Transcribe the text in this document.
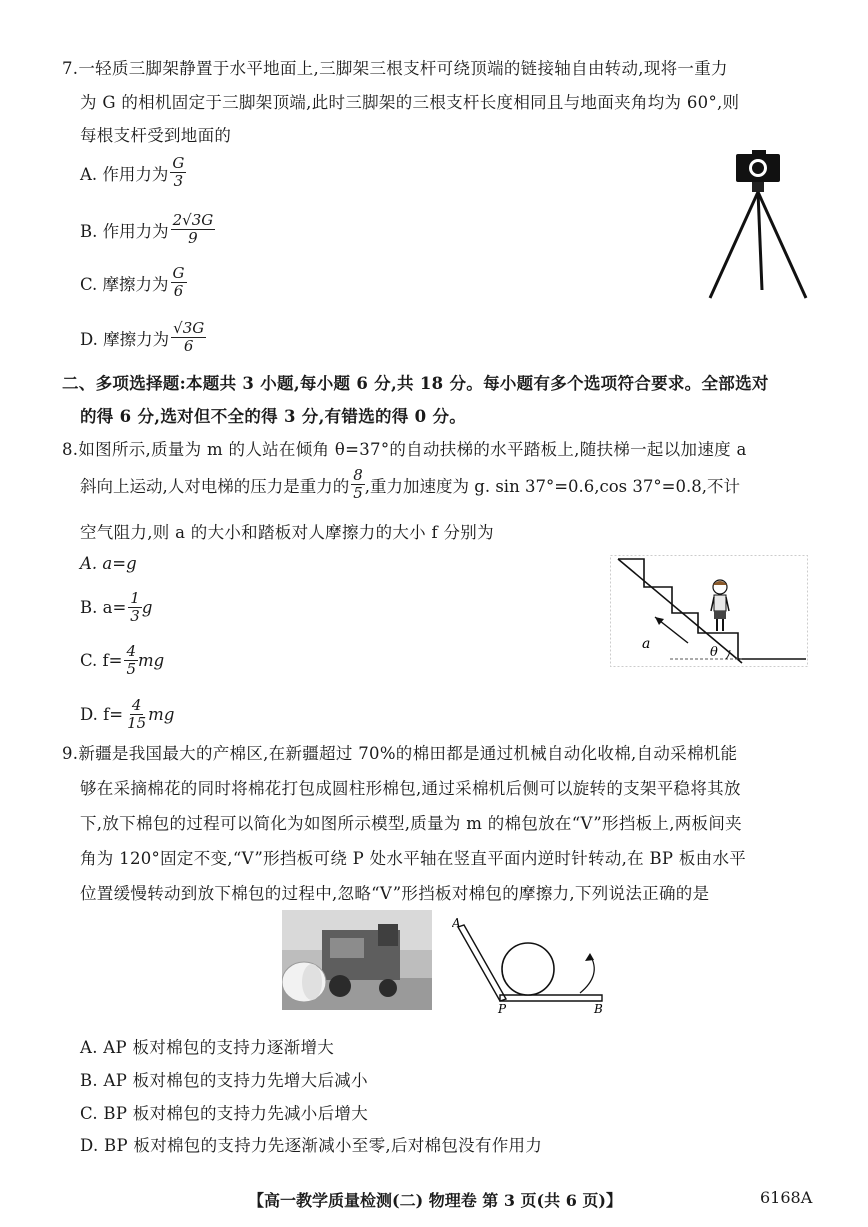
7.一轻质三脚架静置于水平地面上,三脚架三根支杆可绕顶端的链接轴自由转动,现将一重力
为 G 的相机固定于三脚架顶端,此时三脚架的三根支杆长度相同且与地面夹角均为 60°,则
每根支杆受到地面的
A. 作用力为 $\frac{G}{3}$
B. 作用力为 $\frac{2√3G}{9}$
C. 摩擦力为 $\frac{G}{6}$
D. 摩擦力为 $\frac{√3G}{6}$
二、多项选择题:本题共 3 小题,每小题 6 分,共 18 分。每小题有多个选项符合要求。全部选对
的得 6 分,选对但不全的得 3 分,有错选的得 0 分。
8.如图所示,质量为 m 的人站在倾角 θ=37°的自动扶梯的水平踏板上,随扶梯一起以加速度 a
斜向上运动,人对电梯的压力是重力的 $\frac{8}{5}$ ,重力加速度为 g. sin 37°=0.6,cos 37°=0.8,不计
空气阻力,则 a 的大小和踏板对人摩擦力的大小 f 分别为
A. a=g
B. $a= \frac{1}{3}$ g
C. $f= \frac{4}{5}$ mg
D. $f= \frac{4}{15}$ mg
θ
a
9.新疆是我国最大的产棉区,在新疆超过 70%的棉田都是通过机械自动化收棉,自动采棉机能
够在采摘棉花的同时将棉花打包成圆柱形棉包,通过采棉机后侧可以旋转的支架平稳将其放
下,放下棉包的过程可以简化为如图所示模型,质量为 m 的棉包放在“V”形挡板上,两板间夹
角为 120°固定不变,“V”形挡板可绕 P 处水平轴在竖直平面内逆时针转动,在 BP 板由水平
位置缓慢转动到放下棉包的过程中,忽略“V”形挡板对棉包的摩擦力,下列说法正确的是
A
P	B
A. AP 板对棉包的支持力逐渐增大
B. AP 板对棉包的支持力先增大后减小
C. BP 板对棉包的支持力先减小后增大
D. BP 板对棉包的支持力先逐渐减小至零,后对棉包没有作用力
【高一教学质量检测(二) 物理卷 第 3 页(共 6 页)】	6168A
